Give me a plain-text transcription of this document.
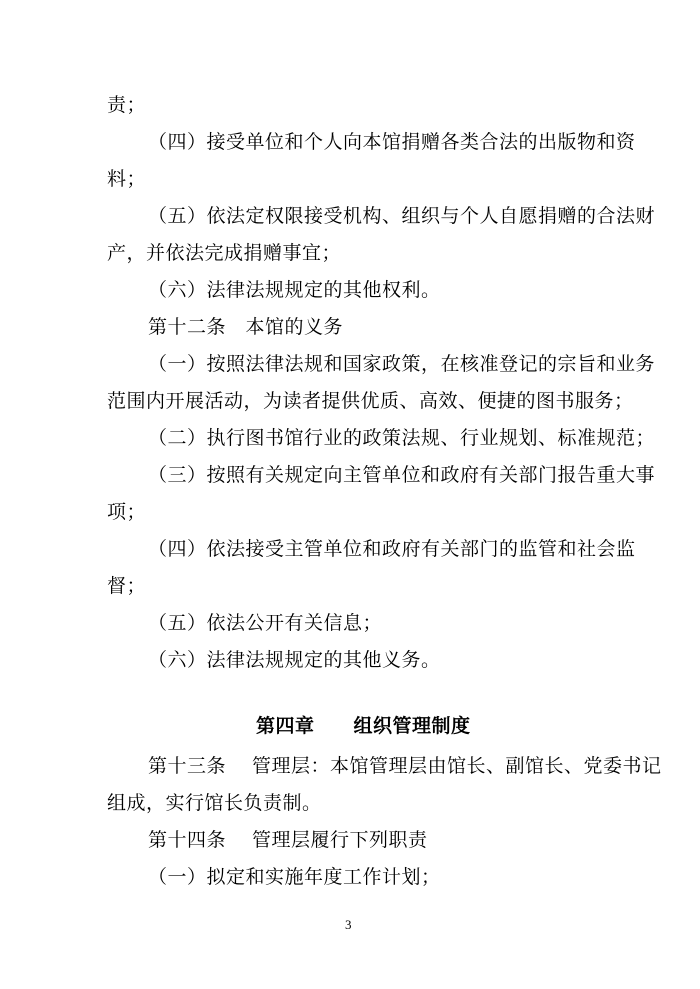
责；
（四）接受单位和个人向本馆捐赠各类合法的出版物和资
料；
（五）依法定权限接受机构、组织与个人自愿捐赠的合法财
产，并依法完成捐赠事宜；
（六）法律法规规定的其他权利。
第十二条　本馆的义务
（一）按照法律法规和国家政策，在核准登记的宗旨和业务
范围内开展活动，为读者提供优质、高效、便捷的图书服务；
（二）执行图书馆行业的政策法规、行业规划、标准规范；
（三）按照有关规定向主管单位和政府有关部门报告重大事
项；
（四）依法接受主管单位和政府有关部门的监管和社会监
督；
（五）依法公开有关信息；
（六）法律法规规定的其他义务。
第四章　　组织管理制度
第十三条　 管理层：本馆管理层由馆长、副馆长、党委书记
组成，实行馆长负责制。
第十四条　 管理层履行下列职责
（一）拟定和实施年度工作计划；
3
